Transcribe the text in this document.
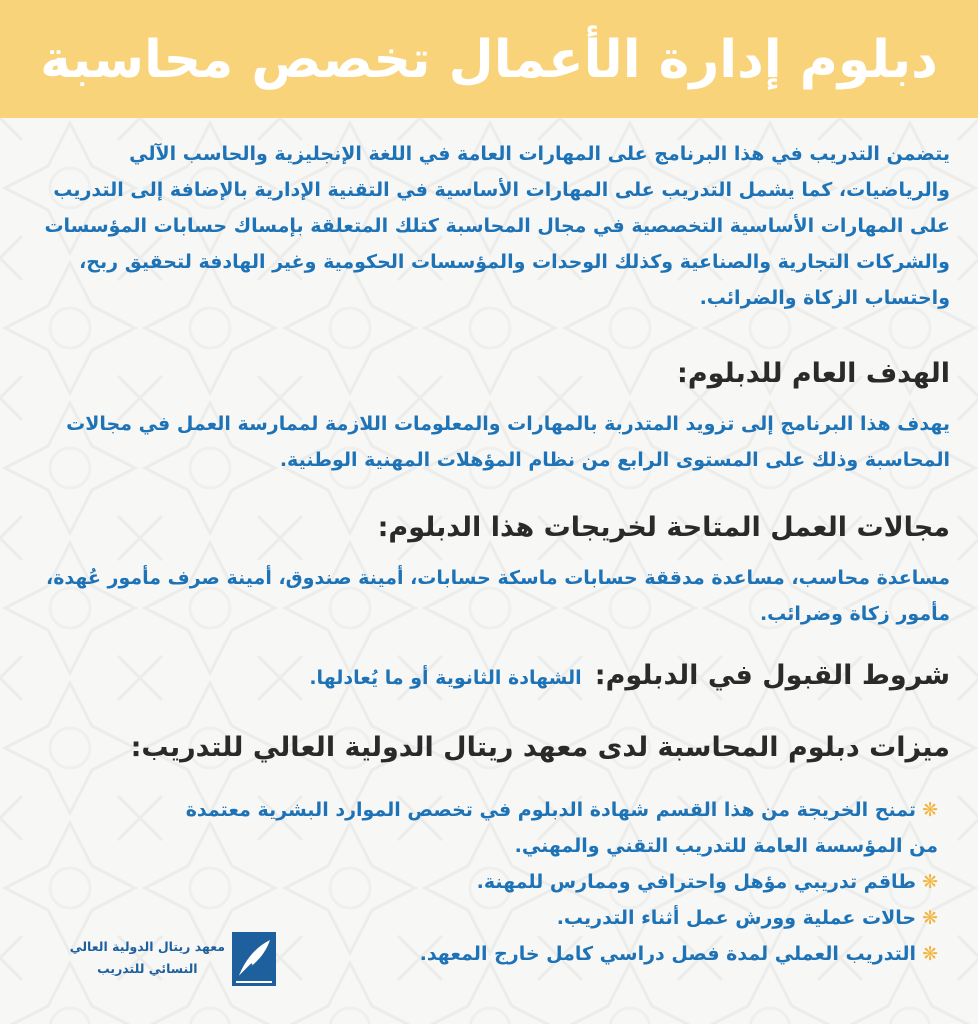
دبلوم إدارة الأعمال تخصص محاسبة
يتضمن التدريب في هذا البرنامج على المهارات العامة في اللغة الإنجليزية والحاسب الآلي والرياضيات، كما يشمل التدريب على المهارات الأساسية في التقنية الإدارية بالإضافة إلى التدريب على المهارات الأساسية التخصصية في مجال المحاسبة كتلك المتعلقة بإمساك حسابات المؤسسات والشركات التجارية والصناعية وكذلك الوحدات والمؤسسات الحكومية وغير الهادفة لتحقيق ربح، واحتساب الزكاة والضرائب.
الهدف العام للدبلوم:
يهدف هذا البرنامج إلى تزويد المتدربة بالمهارات والمعلومات اللازمة لممارسة العمل في مجالات المحاسبة وذلك على المستوى الرابع من نظام المؤهلات المهنية الوطنية.
مجالات العمل المتاحة لخريجات هذا الدبلوم:
مساعدة محاسب، مساعدة مدققة حسابات ماسكة حسابات، أمينة صندوق، أمينة صرف مأمور عُهدة، مأمور زكاة وضرائب.
شروط القبول في الدبلوم: الشهادة الثانوية أو ما يُعادلها.
ميزات دبلوم المحاسبة لدى معهد ريتال الدولية العالي للتدريب:
❋تمنح الخريجة من هذا القسم شهادة الدبلوم في تخصص الموارد البشرية معتمدة
من المؤسسة العامة للتدريب التقني والمهني.
❋طاقم تدريبي مؤهل واحترافي وممارس للمهنة.
❋حالات عملية وورش عمل أثناء التدريب.
❋التدريب العملي لمدة فصل دراسي كامل خارج المعهد.
معهد ريتال الدولية العالي
النسائي للتدريب
